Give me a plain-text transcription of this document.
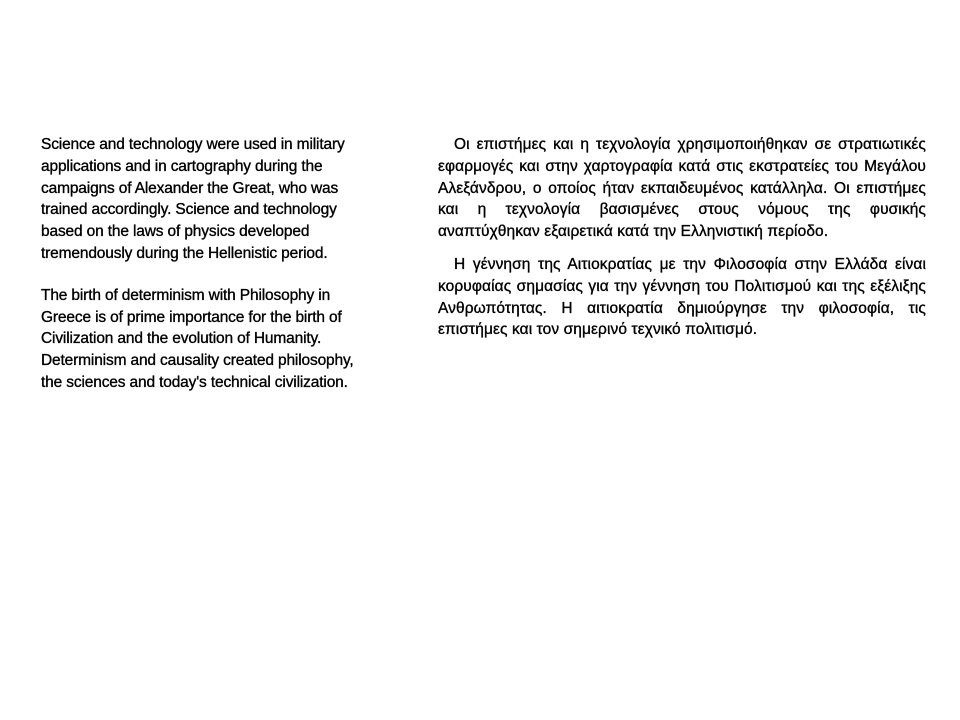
Science and technology were used in military applications and in cartography during the campaigns of Alexander the Great, who was trained accordingly. Science and technology based on the laws of physics developed tremendously during the Hellenistic period.

The birth of determinism with Philosophy in Greece is of prime importance for the birth of Civilization and the evolution of Humanity. Determinism and causality created philosophy, the sciences and today's technical civilization.

Οι επιστήμες και η τεχνολογία χρησιμοποιήθηκαν σε στρατιωτικές εφαρμογές και στην χαρτογραφία κατά στις εκστρατείες του Μεγάλου Αλεξάνδρου, ο οποίος ήταν εκπαιδευμένος κατάλληλα. Οι επιστήμες και η τεχνολογία βασισμένες στους νόμους της φυσικής αναπτύχθηκαν εξαιρετικά κατά την Ελληνιστική περίοδο.

Η γέννηση της Αιτιοκρατίας με την Φιλοσοφία στην Ελλάδα είναι κορυφαίας σημασίας για την γέννηση του Πολιτισμού και της εξέλιξης Ανθρωπότητας. Η αιτιοκρατία δημιούργησε την φιλοσοφία, τις επιστήμες και τον σημερινό τεχνικό πολιτισμό.
